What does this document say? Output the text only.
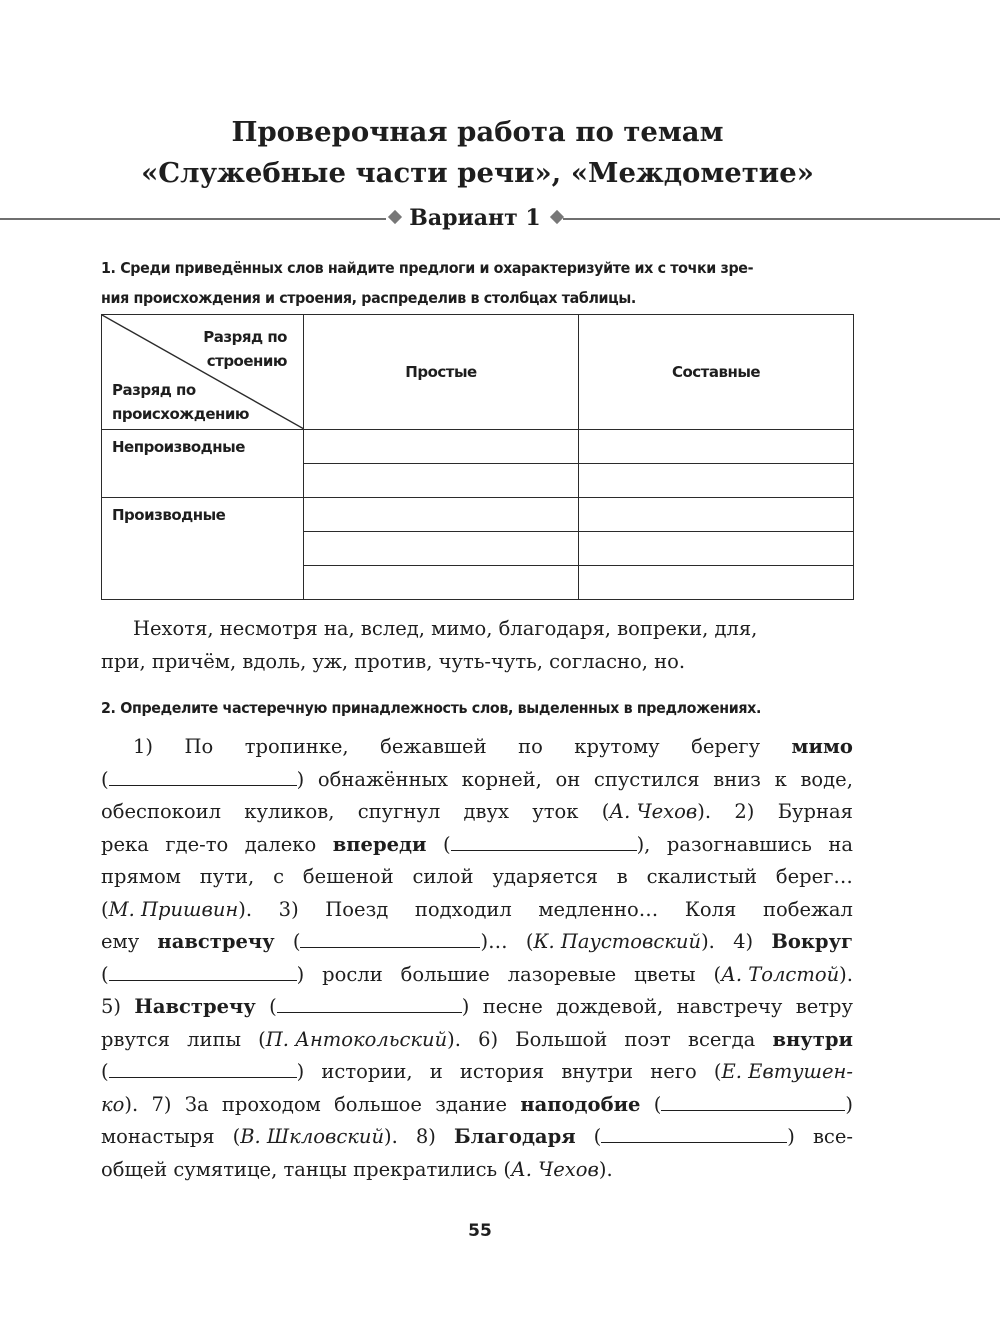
Проверочная работа по темам
«Служебные части речи», «Междометие»
Вариант 1
1. Среди приведённых слов найдите предлоги и охарактеризуйте их с точки зре-
ния происхождения и строения, распределив в столбцах таблицы.
Разряд по
строению
Разряд по
происхождению	Простые	Составные
Непроизводные		

Производные		

Нехотя, несмотря на, вслед, мимо, благодаря, вопреки, для,
при, причём, вдоль, уж, против, чуть-чуть, согласно, но.
2. Определите частеречную принадлежность слов, выделенных в предложениях.
1) По тропинке, бежавшей по крутому берегу мимо
(	) обнажённых корней, он спустился вниз к воде,
обеспокоил куликов, спугнул двух уток (А. Чехов). 2) Бурная
река где-то далеко впереди (	), разогнавшись на
прямом пути, с бешеной силой ударяется в скалистый берег…
(М. Пришвин). 3) Поезд подходил медленно… Коля побежал
ему навстречу (	)… (К. Паустовский). 4) Вокруг
(	) росли большие лазоревые цветы (А. Толстой).
5) Навстречу (	) песне дождевой, навстречу ветру
рвутся липы (П. Антокольский). 6) Большой поэт всегда внутри
(	) истории, и история внутри него (Е. Евтушен-
ко). 7) За проходом большое здание наподобие (	)
монастыря (В. Шкловский). 8) Благодаря (	) все-
общей сумятице, танцы прекратились (А. Чехов).
55
